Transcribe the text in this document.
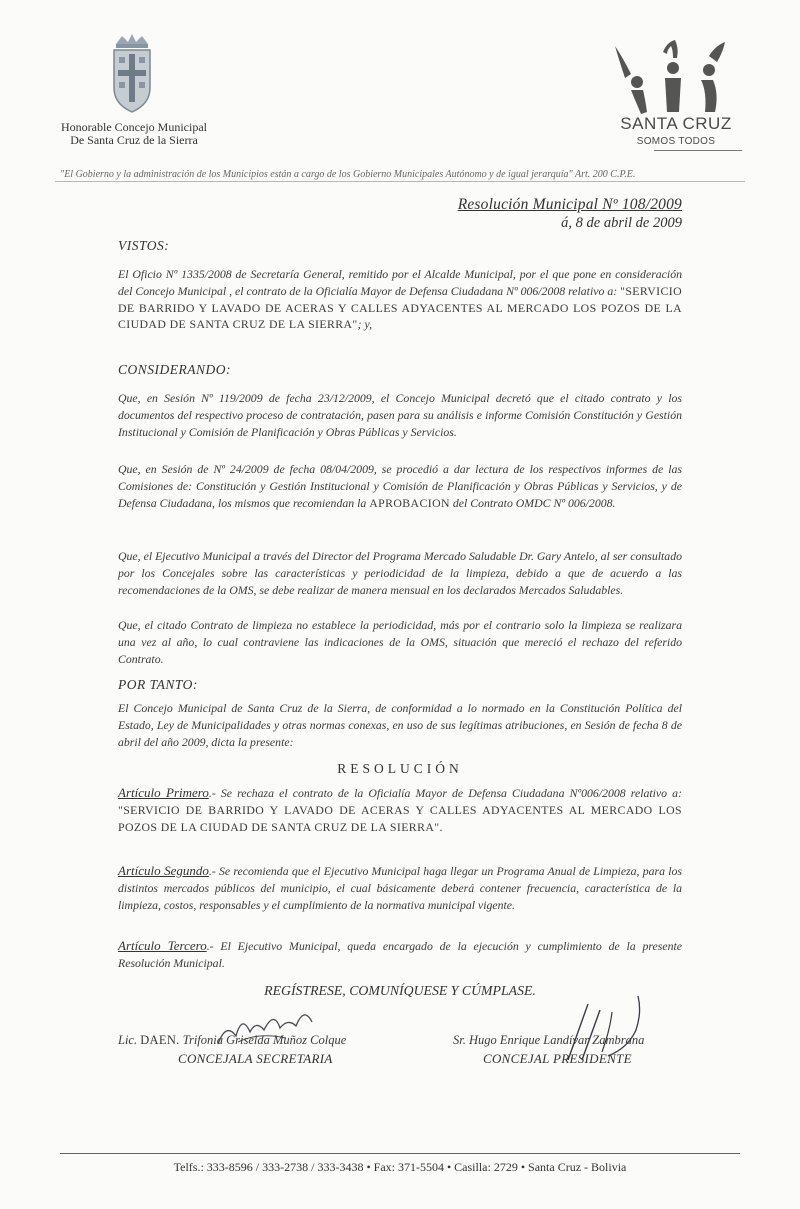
Honorable Concejo Municipal
De Santa Cruz de la Sierra
SANTA CRUZ
SOMOS TODOS
"El Gobierno y la administración de los Municipios están a cargo de los Gobierno Municipales Autónomo y de igual jerarquía" Art. 200 C.P.E.
Resolución Municipal Nº 108/2009
á, 8 de abril de 2009
VISTOS:
El Oficio Nº 1335/2008 de Secretaría General, remitido por el Alcalde Municipal, por el que pone en consideración del Concejo Municipal , el contrato de la Oficialía Mayor de Defensa Ciudadana Nº 006/2008 relativo a: "SERVICIO DE BARRIDO Y LAVADO DE ACERAS Y CALLES ADYACENTES AL MERCADO LOS POZOS DE LA CIUDAD DE SANTA CRUZ DE LA SIERRA"; y,
CONSIDERANDO:
Que, en Sesión Nº 119/2009 de fecha 23/12/2009, el Concejo Municipal decretó que el citado contrato y los documentos del respectivo proceso de contratación, pasen para su análisis e informe Comisión Constitución y Gestión Institucional y Comisión de Planificación y Obras Públicas y Servicios.
Que, en Sesión de Nº 24/2009 de fecha 08/04/2009, se procedió a dar lectura de los respectivos informes de las Comisiones de: Constitución y Gestión Institucional y Comisión de Planificación y Obras Públicas y Servicios, y de Defensa Ciudadana, los mismos que recomiendan la APROBACION del Contrato OMDC Nº 006/2008.
Que, el Ejecutivo Municipal a través del Director del Programa Mercado Saludable Dr. Gary Antelo, al ser consultado por los Concejales sobre las características y periodicidad de la limpieza, debido a que de acuerdo a las recomendaciones de la OMS, se debe realizar de manera mensual en los declarados Mercados Saludables.
Que, el citado Contrato de limpieza no establece la periodicidad, más por el contrario solo la limpieza se realizara una vez al año, lo cual contraviene las indicaciones de la OMS, situación que mereció el rechazo del referido Contrato.
POR TANTO:
El Concejo Municipal de Santa Cruz de la Sierra, de conformidad a lo normado en la Constitución Política del Estado, Ley de Municipalidades y otras normas conexas, en uso de sus legítimas atribuciones, en Sesión de fecha 8 de abril del año 2009, dicta la presente:
RESOLUCIÓN
Artículo Primero.- Se rechaza el contrato de la Oficialía Mayor de Defensa Ciudadana Nº006/2008 relativo a: "SERVICIO DE BARRIDO Y LAVADO DE ACERAS Y CALLES ADYACENTES AL MERCADO LOS POZOS DE LA CIUDAD DE SANTA CRUZ DE LA SIERRA".
Artículo Segundo.- Se recomienda que el Ejecutivo Municipal haga llegar un Programa Anual de Limpieza, para los distintos mercados públicos del municipio, el cual básicamente deberá contener frecuencia, característica de la limpieza, costos, responsables y el cumplimiento de la normativa municipal vigente.
Artículo Tercero.- El Ejecutivo Municipal, queda encargado de la ejecución y cumplimiento de la presente Resolución Municipal.
REGÍSTRESE, COMUNÍQUESE Y CÚMPLASE.
Lic. DAEN. Trifonia Griselda Muñoz Colque
CONCEJALA SECRETARIA
Sr. Hugo Enrique Landívar Zambrana
CONCEJAL PRESIDENTE
Telfs.: 333-8596 / 333-2738 / 333-3438 • Fax: 371-5504 • Casilla: 2729 • Santa Cruz - Bolivia
